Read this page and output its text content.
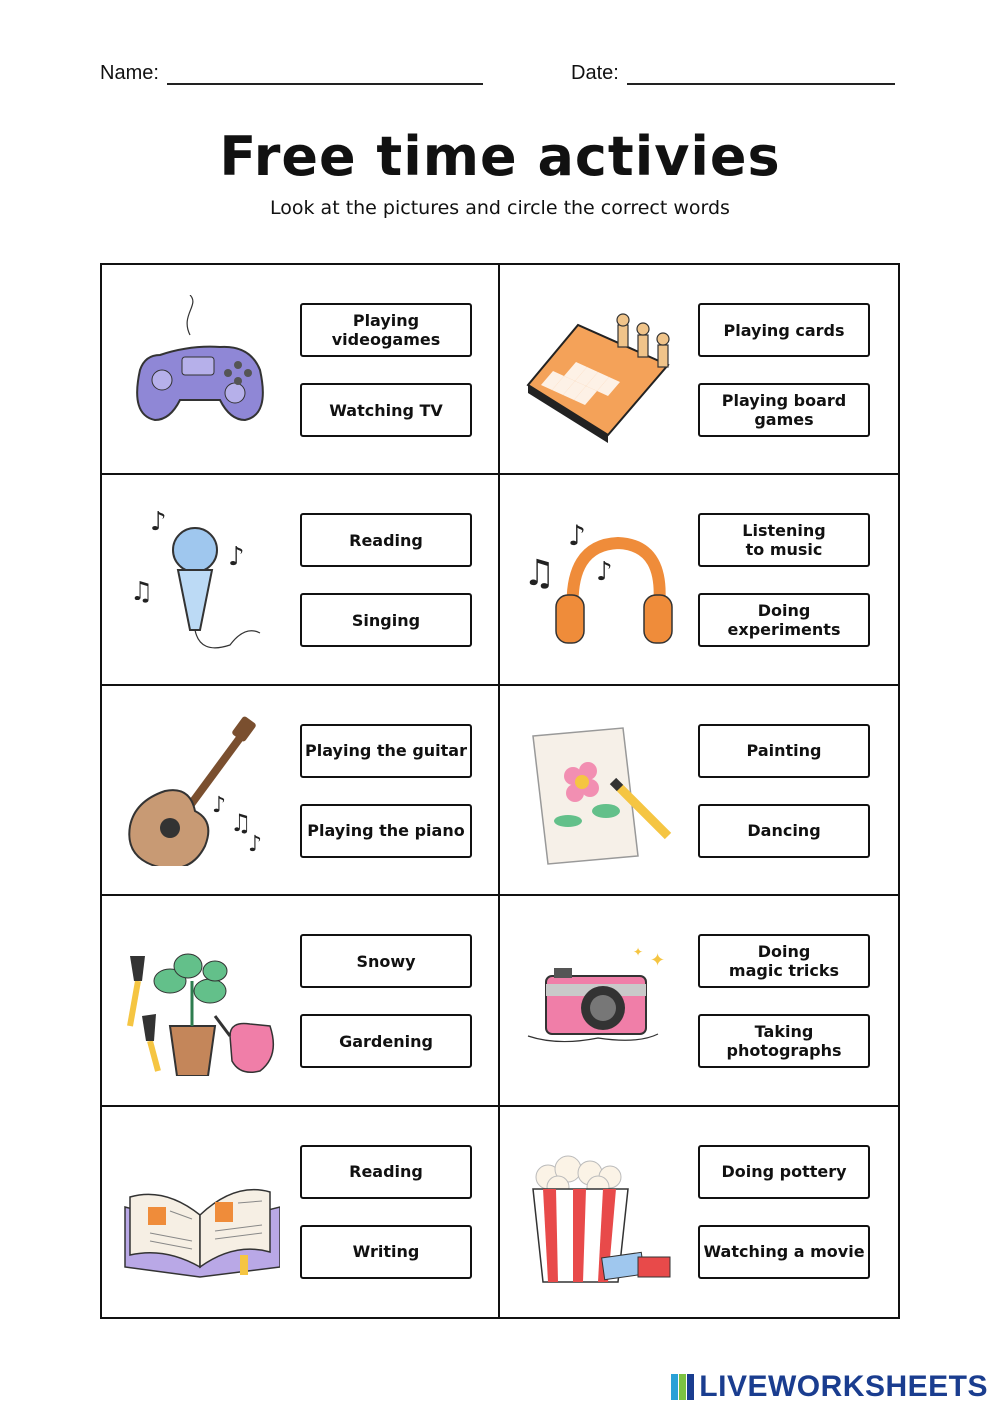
Name:	Date:
Free time activies
Look at the pictures and circle the correct words
Playing
videogames
Watching TV
Playing cards
Playing board
games
♪
♫
♪
Reading
Singing
♫
♪
♪
Listening
to music
Doing
experiments
♫
♪
♪
Playing the guitar
Playing the piano
Painting
Dancing
Snowy
Gardening
✦
✦	Doing
magic tricks
Taking
photographs
Reading
Writing
Doing pottery
Watching a movie
LIVEWORKSHEETS
